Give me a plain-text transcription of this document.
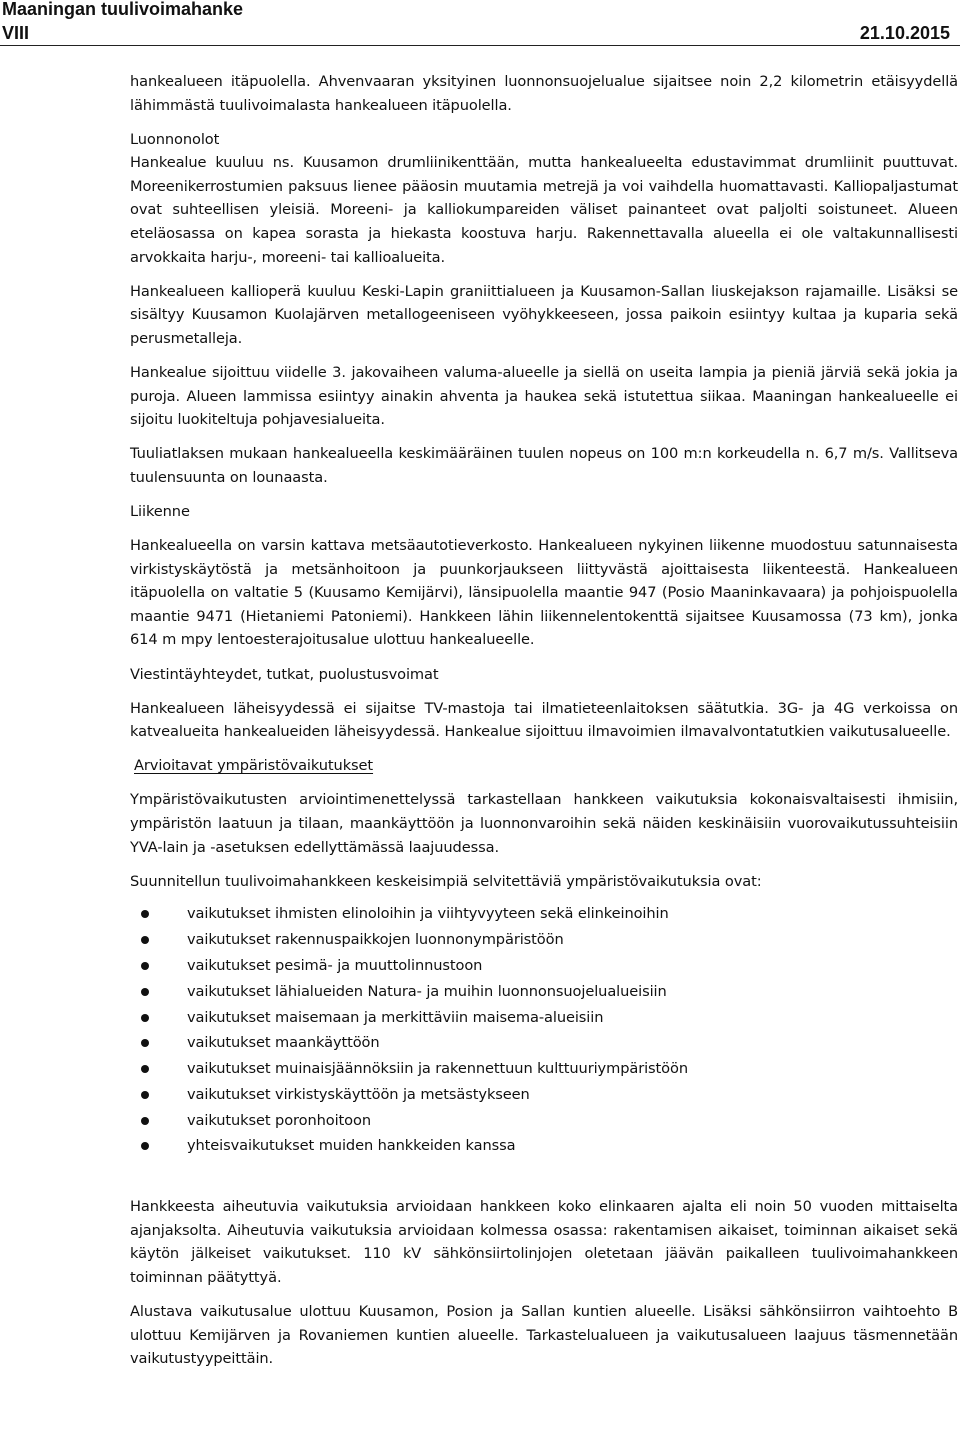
Maaningan tuulivoimahanke
VIII	21.10.2015

hankealueen itäpuolella. Ahvenvaaran yksityinen luonnonsuojelualue sijaitsee noin 2,2 kilometrin etäisyydellä lähimmästä tuulivoimalasta hankealueen itäpuolella.

Luonnonolot

Hankealue kuuluu ns. Kuusamon drumliinikenttään, mutta hankealueelta edustavimmat drumliinit puuttuvat. Moreenikerrostumien paksuus lienee pääosin muutamia metrejä ja voi vaihdella huomattavasti. Kalliopaljastumat ovat suhteellisen yleisiä. Moreeni- ja kalliokumpareiden väliset painanteet ovat paljolti soistuneet. Alueen eteläosassa on kapea sorasta ja hiekasta koostuva harju. Rakennettavalla alueella ei ole valtakunnallisesti arvokkaita harju-, moreeni- tai kallioalueita.

Hankealueen kallioperä kuuluu Keski-Lapin graniittialueen ja Kuusamon-Sallan liuskejakson rajamaille. Lisäksi se sisältyy Kuusamon Kuolajärven metallogeeniseen vyöhykkeeseen, jossa paikoin esiintyy kultaa ja kuparia sekä perusmetalleja.

Hankealue sijoittuu viidelle 3. jakovaiheen valuma-alueelle ja siellä on useita lampia ja pieniä järviä sekä jokia ja puroja. Alueen lammissa esiintyy ainakin ahventa ja haukea sekä istutettua siikaa. Maaningan hankealueelle ei sijoitu luokiteltuja pohjavesialueita.

Tuuliatlaksen mukaan hankealueella keskimääräinen tuulen nopeus on 100 m:n korkeudella n. 6,7 m/s. Vallitseva tuulensuunta on lounaasta.

Liikenne

Hankealueella on varsin kattava metsäautotieverkosto. Hankealueen nykyinen liikenne muodostuu satunnaisesta virkistyskäytöstä ja metsänhoitoon ja puunkorjaukseen liittyvästä ajoittaisesta liikenteestä. Hankealueen itäpuolella on valtatie 5 (Kuusamo Kemijärvi), länsipuolella maantie 947 (Posio Maaninkavaara) ja pohjoispuolella maantie 9471 (Hietaniemi Patoniemi). Hankkeen lähin liikennelentokenttä sijaitsee Kuusamossa (73 km), jonka 614 m mpy lentoesterajoitusalue ulottuu hankealueelle.

Viestintäyhteydet, tutkat, puolustusvoimat

Hankealueen läheisyydessä ei sijaitse TV-mastoja tai ilmatieteenlaitoksen säätutkia. 3G- ja 4G verkoissa on katvealueita hankealueiden läheisyydessä. Hankealue sijoittuu ilmavoimien ilmavalvontatutkien vaikutusalueelle.

Arvioitavat ympäristövaikutukset

Ympäristövaikutusten arviointimenettelyssä tarkastellaan hankkeen vaikutuksia kokonaisvaltaisesti ihmisiin, ympäristön laatuun ja tilaan, maankäyttöön ja luonnonvaroihin sekä näiden keskinäisiin vuorovaikutussuhteisiin YVA-lain ja -asetuksen edellyttämässä laajuudessa.

Suunnitellun tuulivoimahankkeen keskeisimpiä selvitettäviä ympäristövaikutuksia ovat:

vaikutukset ihmisten elinoloihin ja viihtyvyyteen sekä elinkeinoihin
vaikutukset rakennuspaikkojen luonnonympäristöön
vaikutukset pesimä- ja muuttolinnustoon
vaikutukset lähialueiden Natura- ja muihin luonnonsuojelualueisiin
vaikutukset maisemaan ja merkittäviin maisema-alueisiin
vaikutukset maankäyttöön
vaikutukset muinaisjäännöksiin ja rakennettuun kulttuuriympäristöön
vaikutukset virkistyskäyttöön ja metsästykseen
vaikutukset poronhoitoon
yhteisvaikutukset muiden hankkeiden kanssa

Hankkeesta aiheutuvia vaikutuksia arvioidaan hankkeen koko elinkaaren ajalta eli noin 50 vuoden mittaiselta ajanjaksolta. Aiheutuvia vaikutuksia arvioidaan kolmessa osassa: rakentamisen aikaiset, toiminnan aikaiset sekä käytön jälkeiset vaikutukset. 110 kV sähkönsiirtolinjojen oletetaan jäävän paikalleen tuulivoimahankkeen toiminnan päätyttyä.

Alustava vaikutusalue ulottuu Kuusamon, Posion ja Sallan kuntien alueelle. Lisäksi sähkönsiirron vaihtoehto B ulottuu Kemijärven ja Rovaniemen kuntien alueelle. Tarkastelualueen ja vaikutusalueen laajuus täsmennetään vaikutustyypeittäin.
